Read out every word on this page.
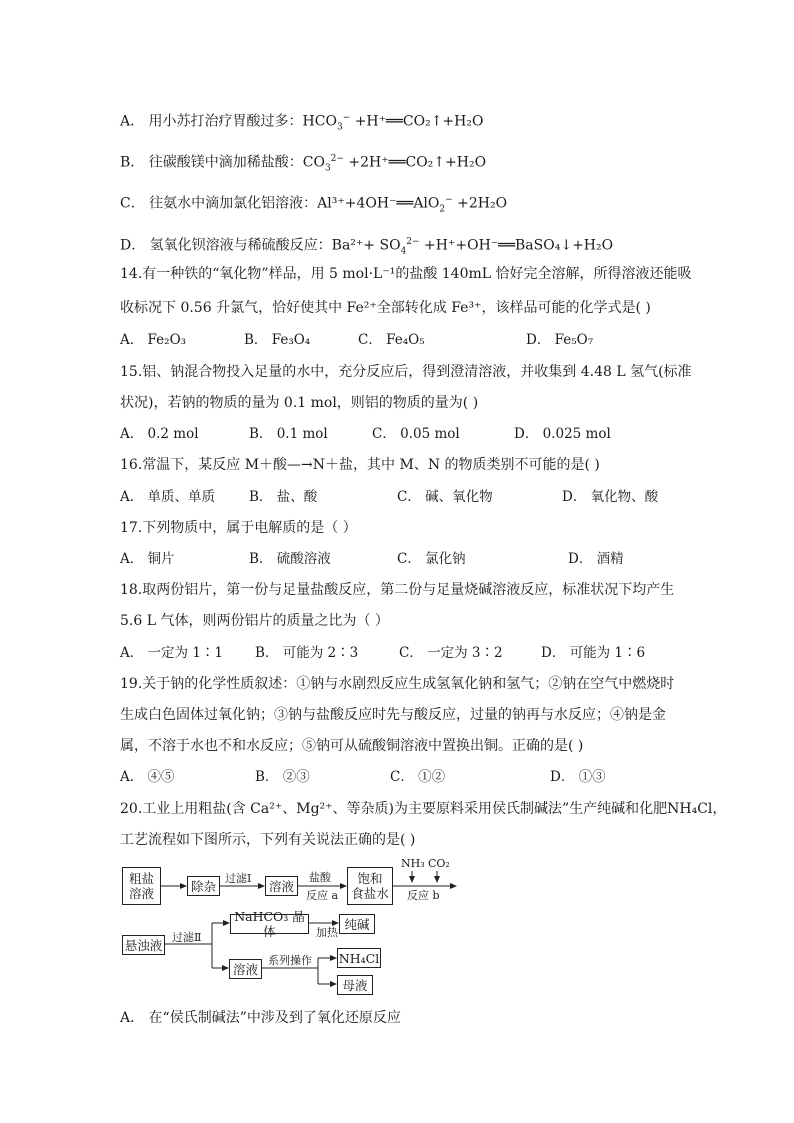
A． 用小苏打治疗胃酸过多：$HCO_3^-$ +H⁺══CO₂↑+H₂O
B． 往碳酸镁中滴加稀盐酸：$CO_3^{2-}$ +2H⁺══CO₂↑+H₂O
C． 往氨水中滴加氯化铝溶液：Al³⁺+4OH⁻══AlO$_2$− +2H₂O
D． 氢氧化钡溶液与稀硫酸反应：$Ba^{2+}+ SO_4^{2-}$ +H⁺+OH⁻══BaSO₄↓+H₂O
14.有一种铁的“氧化物”样品，用 5 mol·L⁻¹的盐酸 140mL 恰好完全溶解，所得溶液还能吸
收标况下 0.56 升氯气，恰好使其中 Fe²⁺全部转化成 Fe³⁺，该样品可能的化学式是( )
A． Fe₂O₃	B． Fe₃O₄	C． Fe₄O₅	D． Fe₅O₇
15.铝、钠混合物投入足量的水中，充分反应后，得到澄清溶液，并收集到 4.48 L 氢气(标准
状况)，若钠的物质的量为 0.1 mol，则铝的物质的量为( )
A． 0.2 mol	B． 0.1 mol	C． 0.05 mol	D． 0.025 mol
16.常温下，某反应 M＋酸—→N＋盐，其中 M、N 的物质类别不可能的是( )
A． 单质、单质	B． 盐、酸	C． 碱、氧化物	D． 氧化物、酸
17.下列物质中，属于电解质的是（ ）
A． 铜片	B． 硫酸溶液	C． 氯化钠	D． 酒精
18.取两份铝片，第一份与足量盐酸反应，第二份与足量烧碱溶液反应，标准状况下均产生
5.6 L 气体，则两份铝片的质量之比为（ ）
A． 一定为 1∶1 B． 可能为 2∶3	C． 一定为 3∶2	D． 可能为 1∶6
19.关于钠的化学性质叙述：①钠与水剧烈反应生成氢氧化钠和氢气；②钠在空气中燃烧时
生成白色固体过氧化钠；③钠与盐酸反应时先与酸反应，过量的钠再与水反应；④钠是金
属，不溶于水也不和水反应；⑤钠可从硫酸铜溶液中置换出铜。正确的是( )
A． ④⑤	B． ②③	C． ①②	D． ①③
20.工业上用粗盐(含 Ca²⁺、Mg²⁺、等杂质)为主要原料采用侯氏制碱法”生产纯碱和化肥NH₄Cl，
工艺流程如下图所示，下列有关说法正确的是( )
粗盐
溶液	除杂 过滤Ⅰ	溶液
盐酸
反应 a
饱和
食盐水
NH₃ CO₂
反应 b
悬浊液 过滤Ⅱ
NaHCO₃ 晶体	加热
纯碱
溶液
系列操作 NH₄Cl
母液
A． 在“侯氏制碱法”中涉及到了氧化还原反应
